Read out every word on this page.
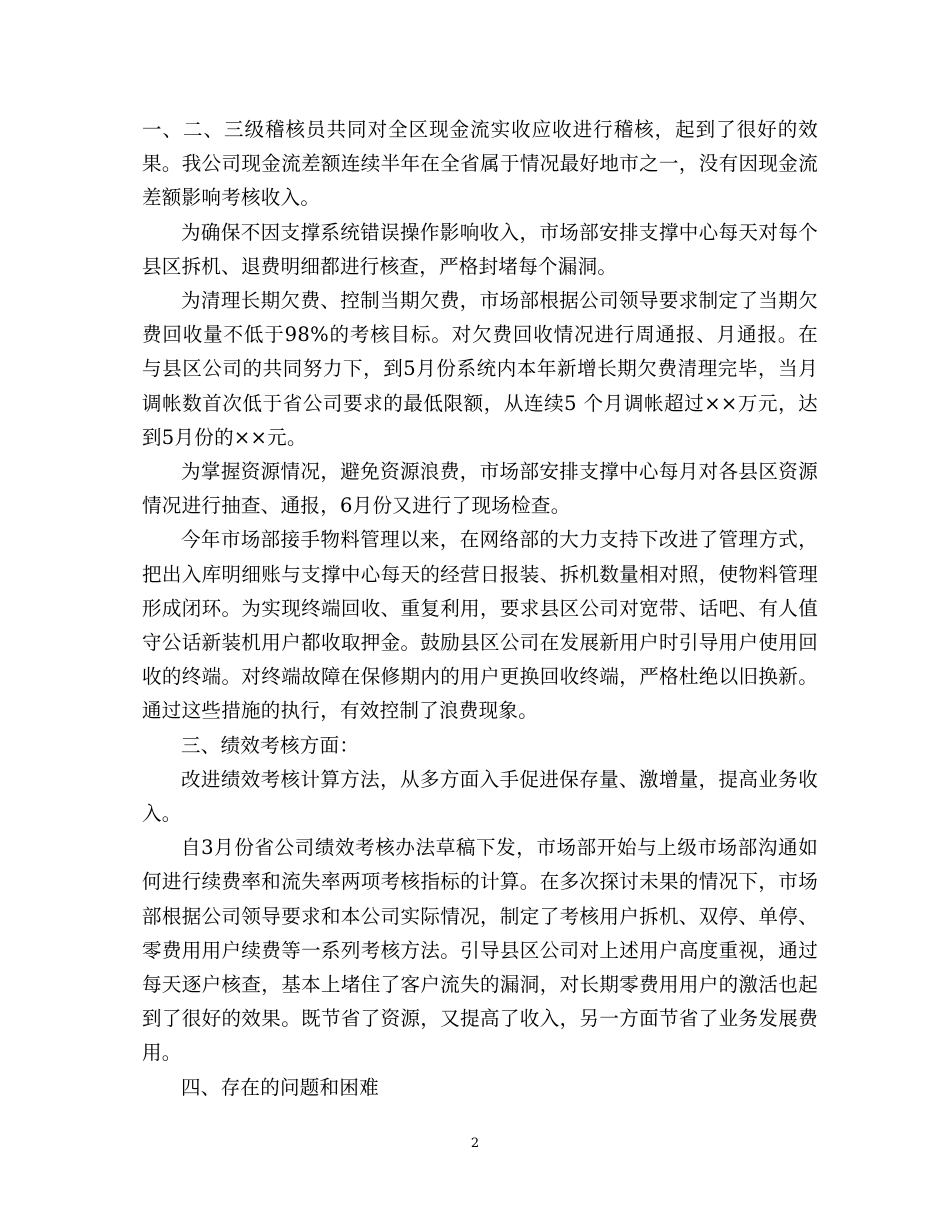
一、二、三级稽核员共同对全区现金流实收应收进行稽核，起到了很好的效果。我公司现金流差额连续半年在全省属于情况最好地市之一，没有因现金流差额影响考核收入。

为确保不因支撑系统错误操作影响收入，市场部安排支撑中心每天对每个县区拆机、退费明细都进行核查，严格封堵每个漏洞。

为清理长期欠费、控制当期欠费，市场部根据公司领导要求制定了当期欠费回收量不低于98%的考核目标。对欠费回收情况进行周通报、月通报。在与县区公司的共同努力下，到5月份系统内本年新增长期欠费清理完毕，当月调帐数首次低于省公司要求的最低限额，从连续5 个月调帐超过××万元，达到5月份的××元。

为掌握资源情况，避免资源浪费，市场部安排支撑中心每月对各县区资源情况进行抽查、通报，6月份又进行了现场检查。

今年市场部接手物料管理以来，在网络部的大力支持下改进了管理方式，把出入库明细账与支撑中心每天的经营日报装、拆机数量相对照，使物料管理形成闭环。为实现终端回收、重复利用，要求县区公司对宽带、话吧、有人值守公话新装机用户都收取押金。鼓励县区公司在发展新用户时引导用户使用回收的终端。对终端故障在保修期内的用户更换回收终端，严格杜绝以旧换新。通过这些措施的执行，有效控制了浪费现象。

三、绩效考核方面：

改进绩效考核计算方法，从多方面入手促进保存量、激增量，提高业务收入。

自3月份省公司绩效考核办法草稿下发，市场部开始与上级市场部沟通如何进行续费率和流失率两项考核指标的计算。在多次探讨未果的情况下，市场部根据公司领导要求和本公司实际情况，制定了考核用户拆机、双停、单停、零费用用户续费等一系列考核方法。引导县区公司对上述用户高度重视，通过每天逐户核查，基本上堵住了客户流失的漏洞，对长期零费用用户的激活也起到了很好的效果。既节省了资源，又提高了收入，另一方面节省了业务发展费用。

四、存在的问题和困难

2
